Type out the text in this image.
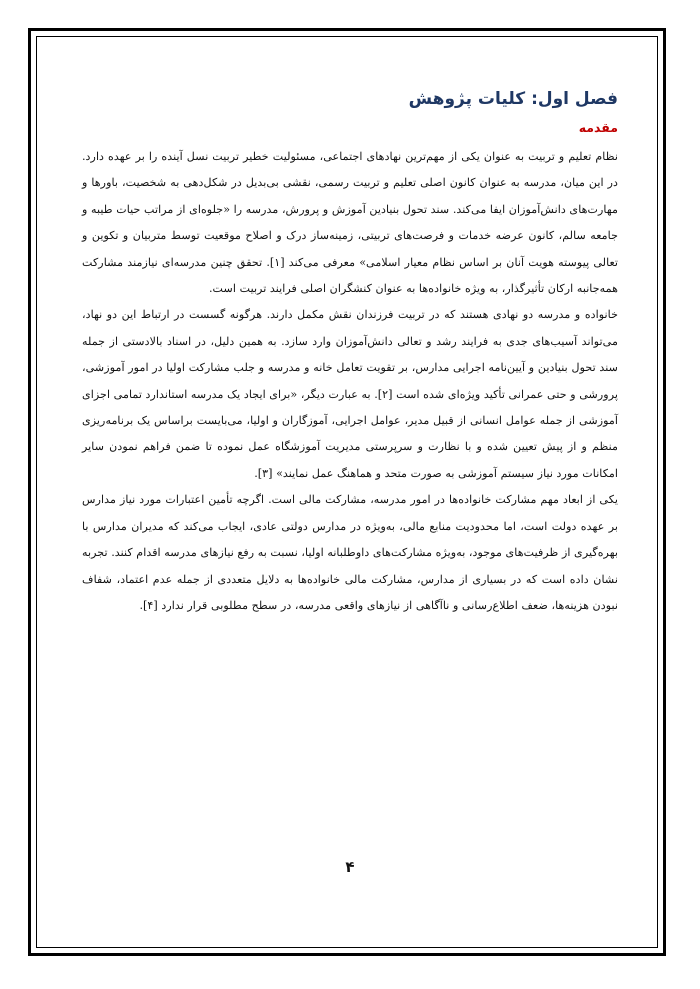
فصل اول: کلیات پژوهش
مقدمه

نظام تعلیم و تربیت به عنوان یکی از مهم‌ترین نهادهای اجتماعی، مسئولیت خطیر تربیت نسل آینده را بر عهده دارد. در این میان، مدرسه به عنوان کانون اصلی تعلیم و تربیت رسمی، نقشی بی‌بدیل در شکل‌دهی به شخصیت، باورها و مهارت‌های دانش‌آموزان ایفا می‌کند. سند تحول بنیادین آموزش و پرورش، مدرسه را «جلوه‌ای از مراتب حیات طیبه و جامعه سالم، کانون عرضه خدمات و فرصت‌های تربیتی، زمینه‌ساز درک و اصلاح موقعیت توسط متربیان و تکوین و تعالی پیوسته هویت آنان بر اساس نظام معیار اسلامی» معرفی می‌کند [۱]. تحقق چنین مدرسه‌ای نیازمند مشارکت همه‌جانبه ارکان تأثیرگذار، به ویژه خانواده‌ها به عنوان کنشگران اصلی فرایند تربیت است.

خانواده و مدرسه دو نهادی هستند که در تربیت فرزندان نقش مکمل دارند. هرگونه گسست در ارتباط این دو نهاد، می‌تواند آسیب‌های جدی به فرایند رشد و تعالی دانش‌آموزان وارد سازد. به همین دلیل، در اسناد بالادستی از جمله سند تحول بنیادین و آیین‌نامه اجرایی مدارس، بر تقویت تعامل خانه و مدرسه و جلب مشارکت اولیا در امور آموزشی، پرورشی و حتی عمرانی تأکید ویژه‌ای شده است [۲]. به عبارت دیگر، «برای ایجاد یک مدرسه استاندارد تمامی اجزای آموزشی از جمله عوامل انسانی از قبیل مدیر، عوامل اجرایی، آموزگاران و اولیا، می‌بایست براساس یک برنامه‌ریزی منظم و از پیش تعیین شده و با نظارت و سرپرستی مدیریت آموزشگاه عمل نموده تا ضمن فراهم نمودن سایر امکانات مورد نیاز سیستم آموزشی به صورت متحد و هماهنگ عمل نمایند» [۳].

یکی از ابعاد مهم مشارکت خانواده‌ها در امور مدرسه، مشارکت مالی است. اگرچه تأمین اعتبارات مورد نیاز مدارس بر عهده دولت است، اما محدودیت منابع مالی، به‌ویژه در مدارس دولتی عادی، ایجاب می‌کند که مدیران مدارس با بهره‌گیری از ظرفیت‌های موجود، به‌ویژه مشارکت‌های داوطلبانه اولیا، نسبت به رفع نیازهای مدرسه اقدام کنند. تجربه نشان داده است که در بسیاری از مدارس، مشارکت مالی خانواده‌ها به دلایل متعددی از جمله عدم اعتماد، شفاف نبودن هزینه‌ها، ضعف اطلاع‌رسانی و ناآگاهی از نیازهای واقعی مدرسه، در سطح مطلوبی قرار ندارد [۴].

۴
